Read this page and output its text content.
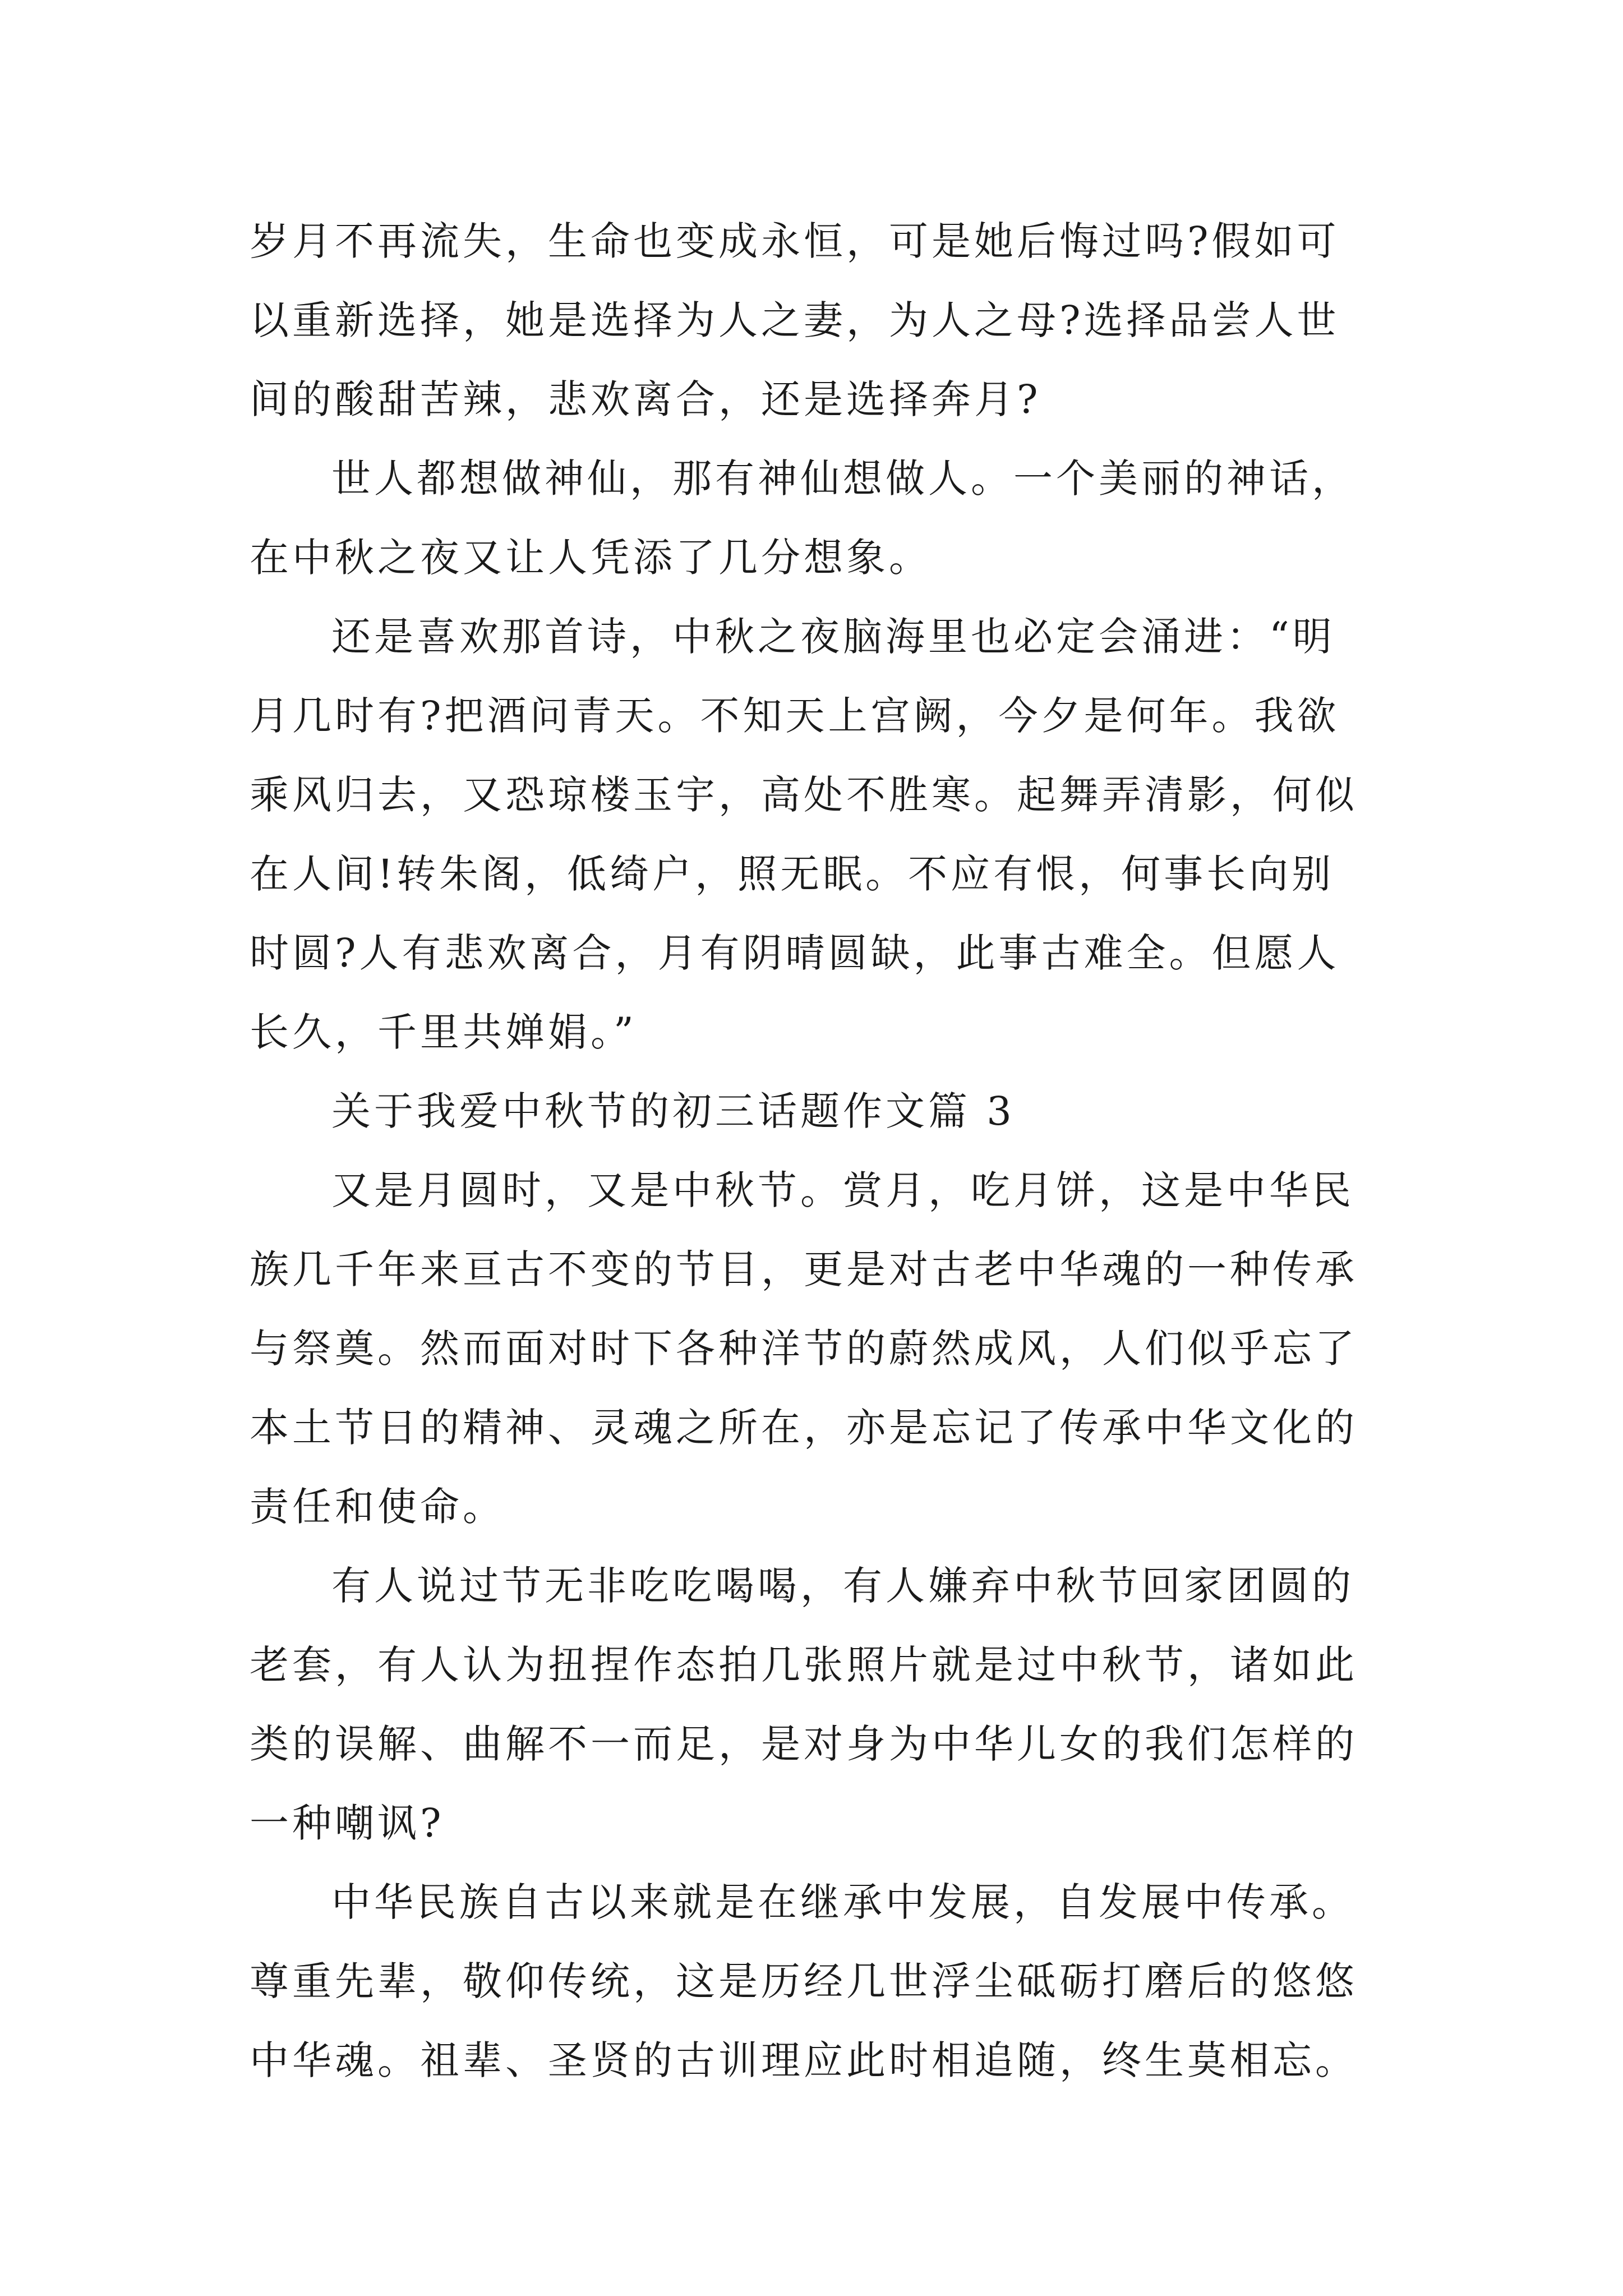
岁月不再流失，生命也变成永恒，可是她后悔过吗?假如可
以重新选择，她是选择为人之妻，为人之母?选择品尝人世
间的酸甜苦辣，悲欢离合，还是选择奔月?
世人都想做神仙，那有神仙想做人。一个美丽的神话，
在中秋之夜又让人凭添了几分想象。
还是喜欢那首诗，中秋之夜脑海里也必定会涌进：“明
月几时有?把酒问青天。不知天上宫阙，今夕是何年。我欲
乘风归去，又恐琼楼玉宇，高处不胜寒。起舞弄清影，何似
在人间!转朱阁，低绮户，照无眠。不应有恨，何事长向别
时圆?人有悲欢离合，月有阴晴圆缺，此事古难全。但愿人
长久，千里共婵娟。”
关于我爱中秋节的初三话题作文篇 3
又是月圆时，又是中秋节。赏月，吃月饼，这是中华民
族几千年来亘古不变的节目，更是对古老中华魂的一种传承
与祭奠。然而面对时下各种洋节的蔚然成风，人们似乎忘了
本土节日的精神、灵魂之所在，亦是忘记了传承中华文化的
责任和使命。
有人说过节无非吃吃喝喝，有人嫌弃中秋节回家团圆的
老套，有人认为扭捏作态拍几张照片就是过中秋节，诸如此
类的误解、曲解不一而足，是对身为中华儿女的我们怎样的
一种嘲讽?
中华民族自古以来就是在继承中发展，自发展中传承。
尊重先辈，敬仰传统，这是历经几世浮尘砥砺打磨后的悠悠
中华魂。祖辈、圣贤的古训理应此时相追随，终生莫相忘。
